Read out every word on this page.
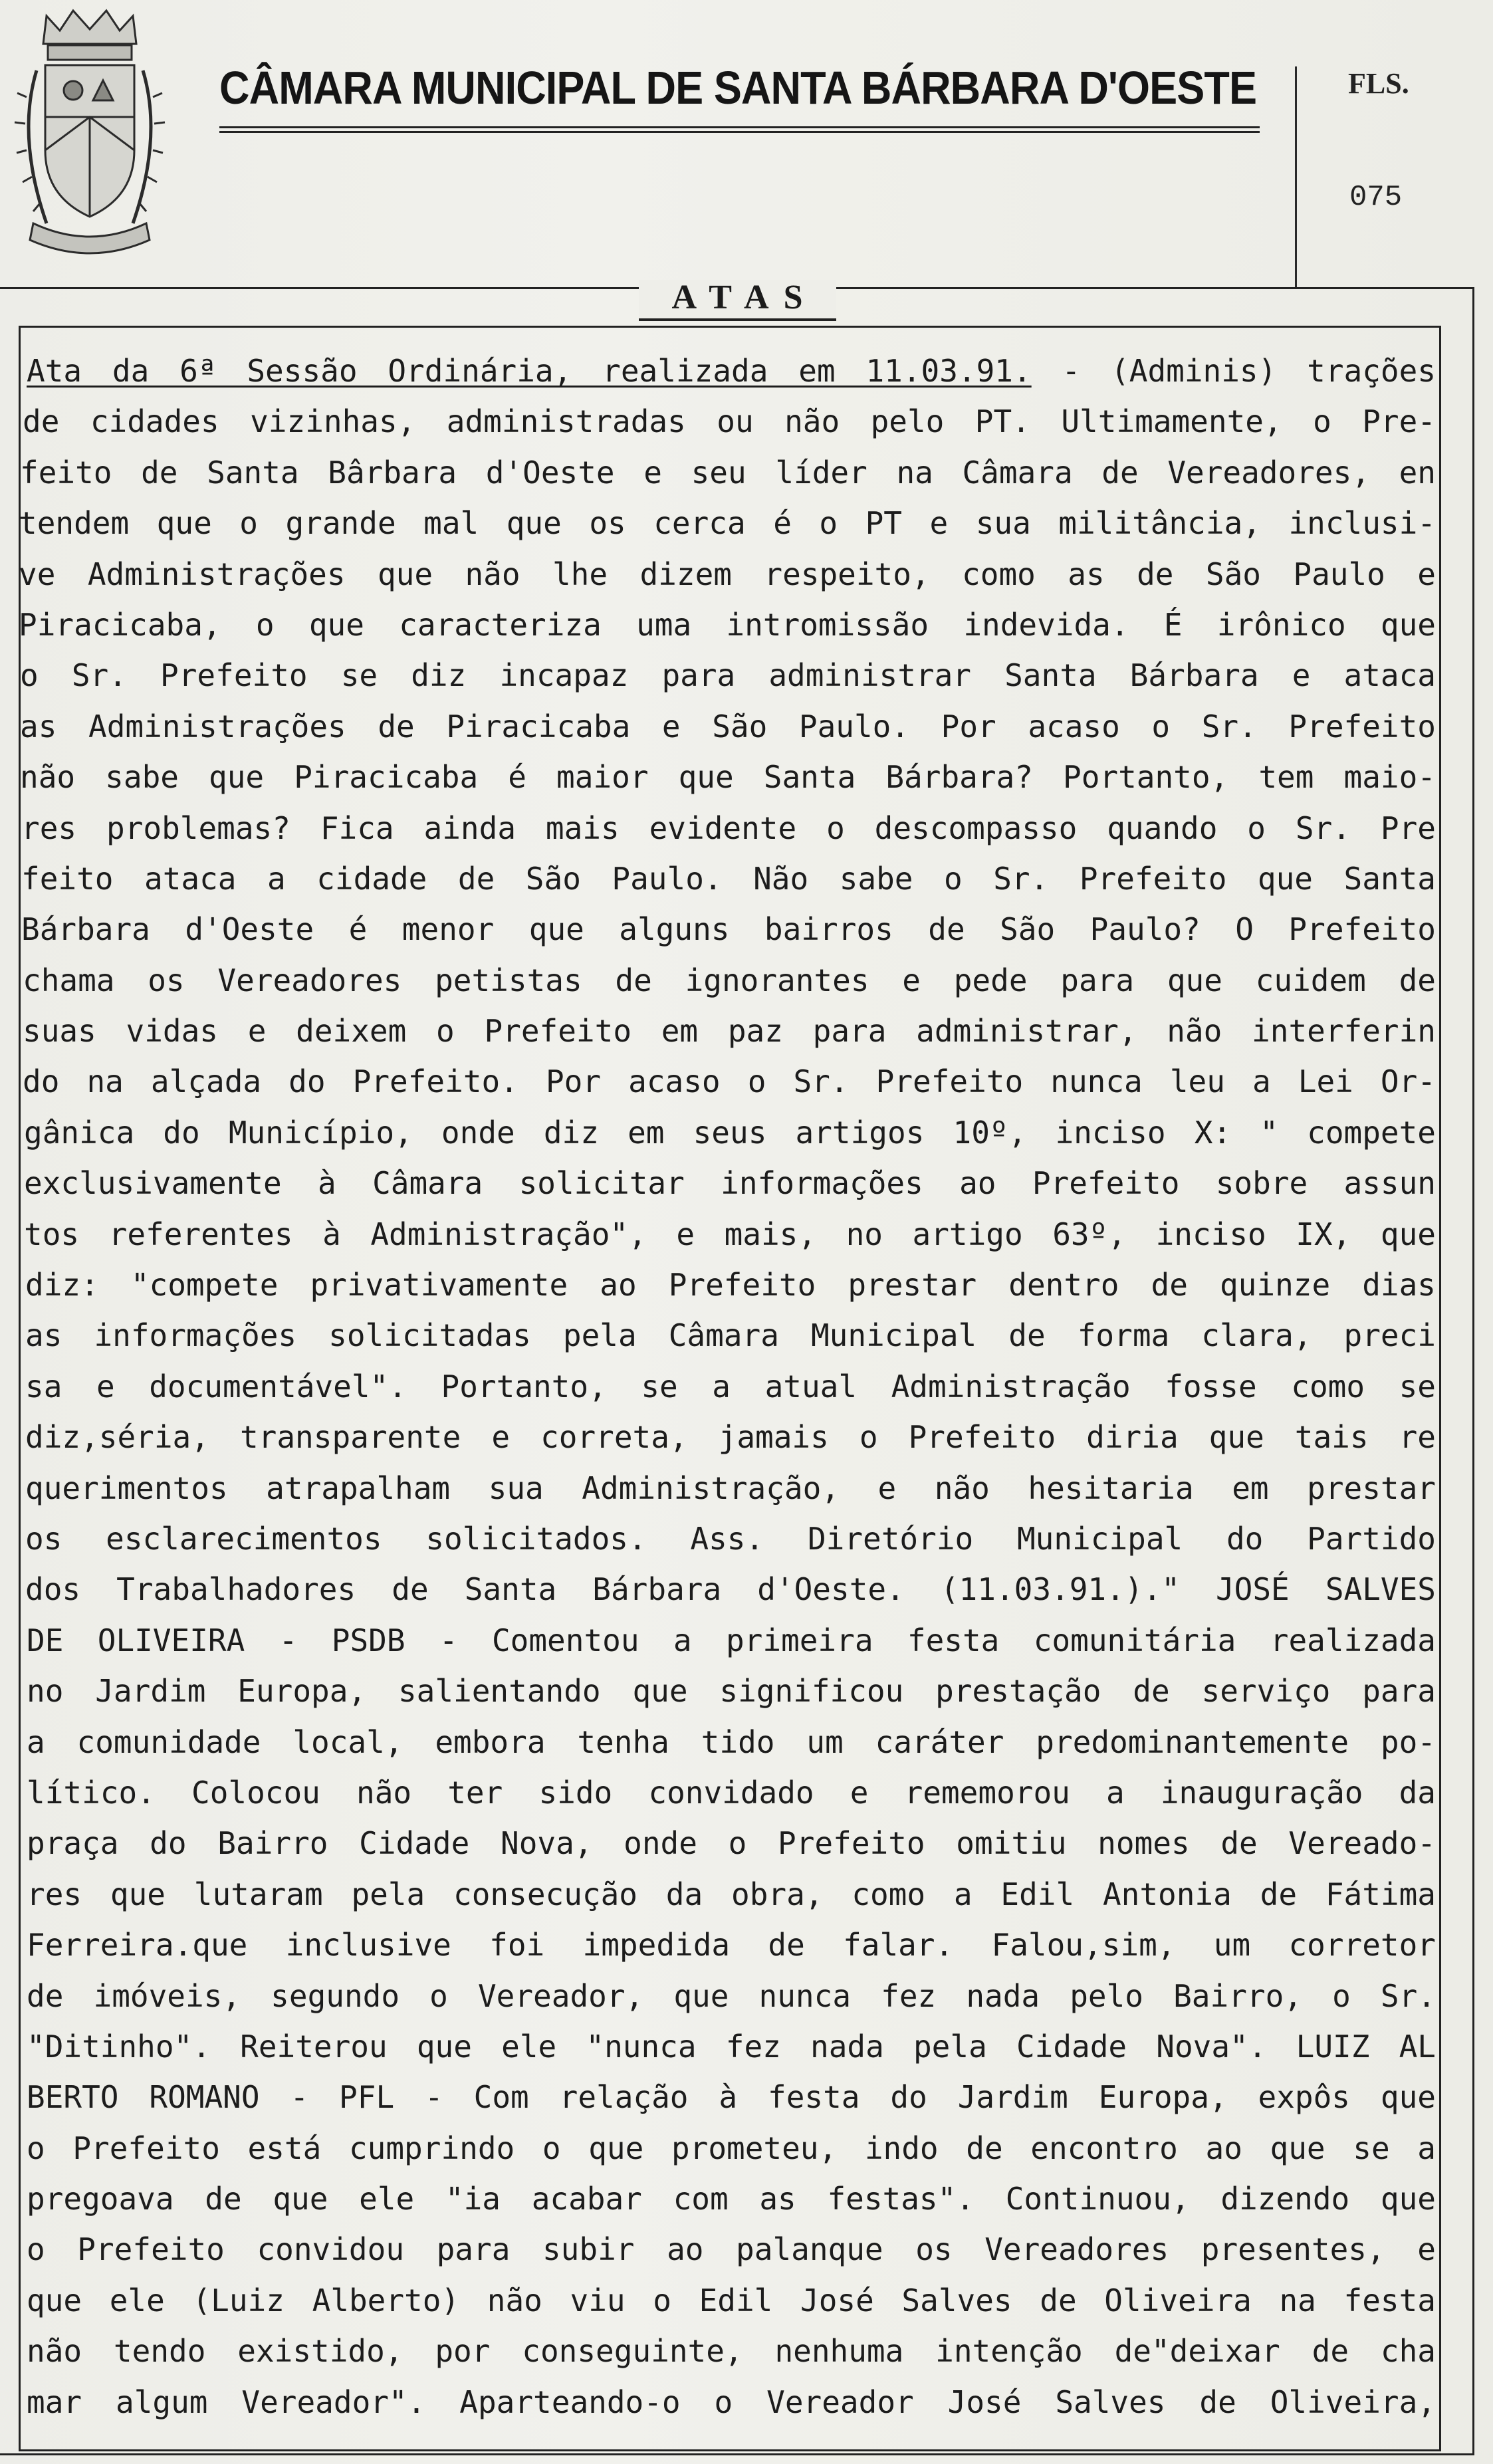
CÂMARA MUNICIPAL DE SANTA BÁRBARA D'OESTE	FLS.
075
ATAS
Ata da 6ª Sessão Ordinária, realizada em 11.03.91. - (Adminis) trações
de cidades vizinhas, administradas ou não pelo PT. Ultimamente, o Pre-
feito de Santa Bârbara d'Oeste e seu líder na Câmara de Vereadores, en
tendem que o grande mal que os cerca é o PT e sua militância, inclusi-
ve Administrações que não lhe dizem respeito, como as de São Paulo e
Piracicaba, o que caracteriza uma intromissão indevida. É irônico que
o Sr. Prefeito se diz incapaz para administrar Santa Bárbara e ataca
as Administrações de Piracicaba e São Paulo. Por acaso o Sr. Prefeito
não sabe que Piracicaba é maior que Santa Bárbara? Portanto, tem maio-
res problemas? Fica ainda mais evidente o descompasso quando o Sr. Pre
feito ataca a cidade de São Paulo. Não sabe o Sr. Prefeito que Santa
Bárbara d'Oeste é menor que alguns bairros de São Paulo? O Prefeito
chama os Vereadores petistas de ignorantes e pede para que cuidem de
suas vidas e deixem o Prefeito em paz para administrar, não interferin
do na alçada do Prefeito. Por acaso o Sr. Prefeito nunca leu a Lei Or-
gânica do Município, onde diz em seus artigos 10º, inciso X: " compete
exclusivamente à Câmara solicitar informações ao Prefeito sobre assun
tos referentes à Administração", e mais, no artigo 63º, inciso IX, que
diz: "compete privativamente ao Prefeito prestar dentro de quinze dias
as informações solicitadas pela Câmara Municipal de forma clara, preci
sa e documentável". Portanto, se a atual Administração fosse como se
diz,séria, transparente e correta, jamais o Prefeito diria que tais re
querimentos atrapalham sua Administração, e não hesitaria em prestar
os esclarecimentos solicitados. Ass. Diretório Municipal do Partido
dos Trabalhadores de Santa Bárbara d'Oeste. (11.03.91.)." JOSÉ SALVES
DE OLIVEIRA - PSDB - Comentou a primeira festa comunitária realizada
no Jardim Europa, salientando que significou prestação de serviço para
a comunidade local, embora tenha tido um caráter predominantemente po-
lítico. Colocou não ter sido convidado e rememorou a inauguração da
praça do Bairro Cidade Nova, onde o Prefeito omitiu nomes de Vereado-
res que lutaram pela consecução da obra, como a Edil Antonia de Fátima
Ferreira.que inclusive foi impedida de falar. Falou,sim, um corretor
de imóveis, segundo o Vereador, que nunca fez nada pelo Bairro, o Sr.
"Ditinho". Reiterou que ele "nunca fez nada pela Cidade Nova". LUIZ AL
BERTO ROMANO - PFL - Com relação à festa do Jardim Europa, expôs que
o Prefeito está cumprindo o que prometeu, indo de encontro ao que se a
pregoava de que ele "ia acabar com as festas". Continuou, dizendo que
o Prefeito convidou para subir ao palanque os Vereadores presentes, e
que ele (Luiz Alberto) não viu o Edil José Salves de Oliveira na festa
não tendo existido, por conseguinte, nenhuma intenção de"deixar de cha
mar algum Vereador". Aparteando-o o Vereador José Salves de Oliveira,
